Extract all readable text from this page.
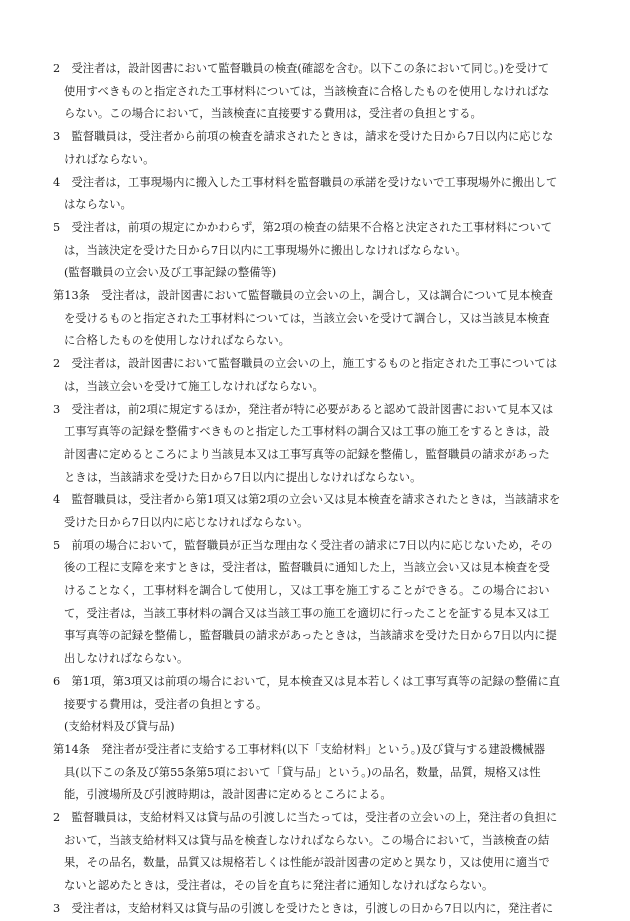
2　受注者は，設計図書において監督職員の検査(確認を含む。以下この条において同じ。)を受けて
使用すべきものと指定された工事材料については，当該検査に合格したものを使用しなければな
らない。この場合において，当該検査に直接要する費用は，受注者の負担とする。
3　監督職員は，受注者から前項の検査を請求されたときは，請求を受けた日から7日以内に応じな
ければならない。
4　受注者は，工事現場内に搬入した工事材料を監督職員の承諾を受けないで工事現場外に搬出して
はならない。
5　受注者は，前項の規定にかかわらず，第2項の検査の結果不合格と決定された工事材料について
は，当該決定を受けた日から7日以内に工事現場外に搬出しなければならない。
(監督職員の立会い及び工事記録の整備等)
第13条　受注者は，設計図書において監督職員の立会いの上，調合し，又は調合について見本検査
を受けるものと指定された工事材料については，当該立会いを受けて調合し，又は当該見本検査
に合格したものを使用しなければならない。
2　受注者は，設計図書において監督職員の立会いの上，施工するものと指定された工事については
は，当該立会いを受けて施工しなければならない。
3　受注者は，前2項に規定するほか，発注者が特に必要があると認めて設計図書において見本又は
工事写真等の記録を整備すべきものと指定した工事材料の調合又は工事の施工をするときは，設
計図書に定めるところにより当該見本又は工事写真等の記録を整備し，監督職員の請求があった
ときは，当該請求を受けた日から7日以内に提出しなければならない。
4　監督職員は，受注者から第1項又は第2項の立会い又は見本検査を請求されたときは，当該請求を
受けた日から7日以内に応じなければならない。
5　前項の場合において，監督職員が正当な理由なく受注者の請求に7日以内に応じないため，その
後の工程に支障を来すときは，受注者は，監督職員に通知した上，当該立会い又は見本検査を受
けることなく，工事材料を調合して使用し，又は工事を施工することができる。この場合におい
て，受注者は，当該工事材料の調合又は当該工事の施工を適切に行ったことを証する見本又は工
事写真等の記録を整備し，監督職員の請求があったときは，当該請求を受けた日から7日以内に提
出しなければならない。
6　第1項，第3項又は前項の場合において，見本検査又は見本若しくは工事写真等の記録の整備に直
接要する費用は，受注者の負担とする。
(支給材料及び貸与品)
第14条　発注者が受注者に支給する工事材料(以下「支給材料」という。)及び貸与する建設機械器
具(以下この条及び第55条第5項において「貸与品」という。)の品名，数量，品質，規格又は性
能，引渡場所及び引渡時期は，設計図書に定めるところによる。
2　監督職員は，支給材料又は貸与品の引渡しに当たっては，受注者の立会いの上，発注者の負担に
おいて，当該支給材料又は貸与品を検査しなければならない。この場合において，当該検査の結
果，その品名，数量，品質又は規格若しくは性能が設計図書の定めと異なり，又は使用に適当で
ないと認めたときは，受注者は，その旨を直ちに発注者に通知しなければならない。
3　受注者は，支給材料又は貸与品の引渡しを受けたときは，引渡しの日から7日以内に，発注者に
